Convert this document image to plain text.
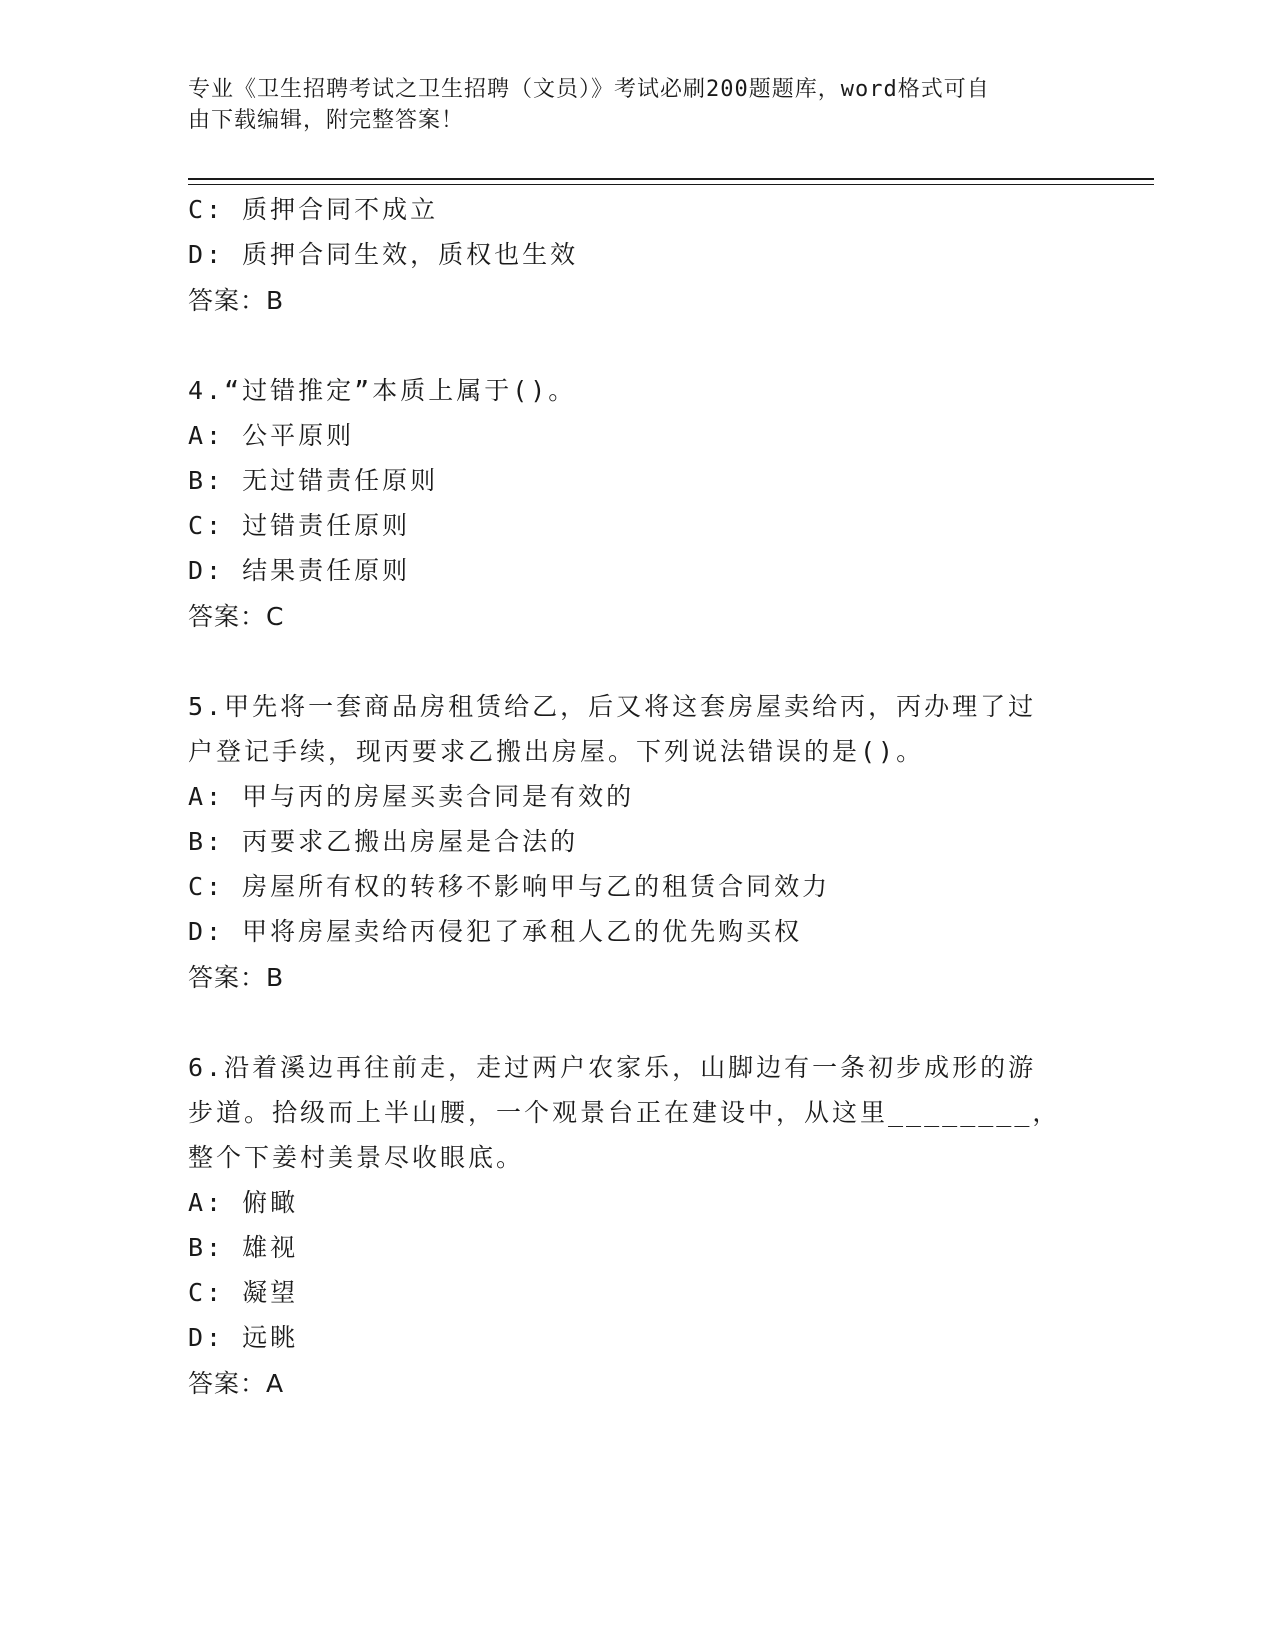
专业《卫生招聘考试之卫生招聘（文员）》考试必刷200题题库，word格式可自
由下载编辑，附完整答案！
C: 质押合同不成立
D: 质押合同生效，质权也生效
答案：B
4.“过错推定”本质上属于()。
A: 公平原则
B: 无过错责任原则
C: 过错责任原则
D: 结果责任原则
答案：C
5.甲先将一套商品房租赁给乙，后又将这套房屋卖给丙，丙办理了过
户登记手续，现丙要求乙搬出房屋。下列说法错误的是()。
A: 甲与丙的房屋买卖合同是有效的
B: 丙要求乙搬出房屋是合法的
C: 房屋所有权的转移不影响甲与乙的租赁合同效力
D: 甲将房屋卖给丙侵犯了承租人乙的优先购买权
答案：B
6.沿着溪边再往前走，走过两户农家乐，山脚边有一条初步成形的游
步道。拾级而上半山腰，一个观景台正在建设中，从这里________，
整个下姜村美景尽收眼底。
A: 俯瞰
B: 雄视
C: 凝望
D: 远眺
答案：A
